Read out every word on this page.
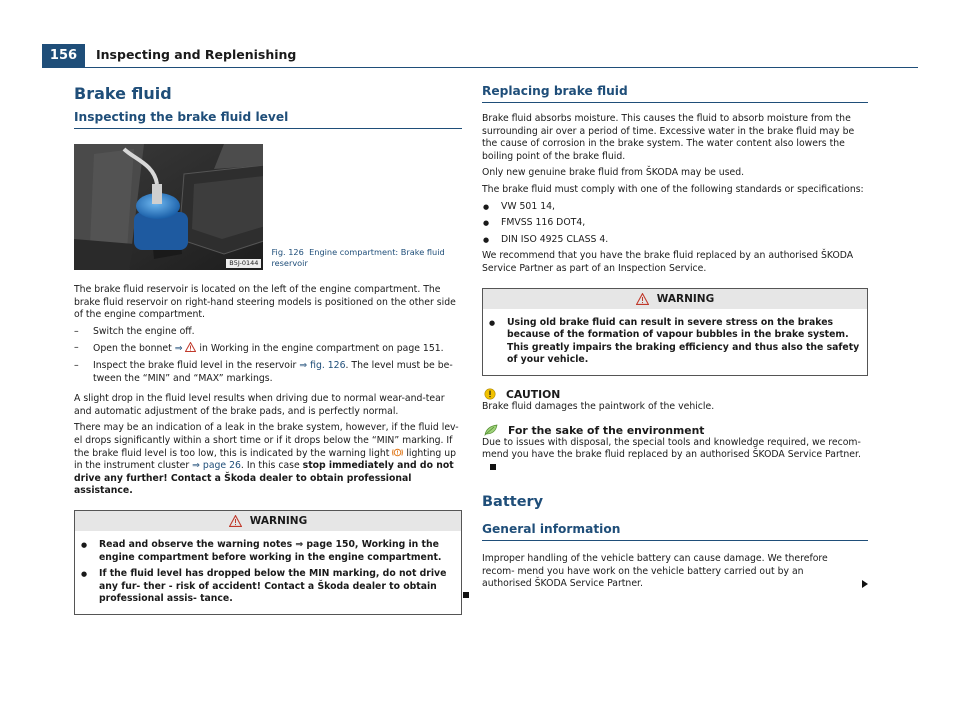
156	Inspecting and Replenishing
Brake fluid
Inspecting the brake fluid level
B5J-0144
Fig. 126 Engine compartment: Brake fluid reservoir

The brake fluid reservoir is located on the left of the engine compartment. The brake fluid reservoir on right-hand steering models is positioned on the other side of the engine compartment.

– Switch the engine off.
– Open the bonnet ⇒  in Working in the engine compartment on page 151.
– Inspect the brake fluid level in the reservoir ⇒ fig. 126. The level must be be- tween the “MIN” and “MAX” markings.

A slight drop in the fluid level results when driving due to normal wear-and-tear and automatic adjustment of the brake pads, and is perfectly normal.

There may be an indication of a leak in the brake system, however, if the fluid lev- el drops significantly within a short time or if it drops below the “MIN” marking. If the brake fluid level is too low, this is indicated by the warning light  lighting up in the instrument cluster ⇒ page 26. In this case stop immediately and do not drive any further! Contact a Škoda dealer to obtain professional assistance.

WARNING
● Read and observe the warning notes ⇒ page 150, Working in the engine compartment before working in the engine compartment.
● If the fluid level has dropped below the MIN marking, do not drive any fur- ther - risk of accident! Contact a Škoda dealer to obtain professional assis- tance.
Replacing brake fluid

Brake fluid absorbs moisture. This causes the fluid to absorb moisture from the surrounding air over a period of time. Excessive water in the brake fluid may be the cause of corrosion in the brake system. The water content also lowers the boiling point of the brake fluid.

Only new genuine brake fluid from ŠKODA may be used.

The brake fluid must comply with one of the following standards or specifications:

● VW 501 14,
● FMVSS 116 DOT4,
● DIN ISO 4925 CLASS 4.

We recommend that you have the brake fluid replaced by an authorised ŠKODA Service Partner as part of an Inspection Service.

WARNING
● Using old brake fluid can result in severe stress on the brakes because of the formation of vapour bubbles in the brake system. This greatly impairs the braking efficiency and thus also the safety of your vehicle.
CAUTION

Brake fluid damages the paintwork of the vehicle.

For the sake of the environment

Due to issues with disposal, the special tools and knowledge required, we recom- mend you have the brake fluid replaced by an authorised ŠKODA Service Partner.

Battery
General information

Improper handling of the vehicle battery can cause damage. We therefore recom- mend you have work on the vehicle battery carried out by an authorised ŠKODA Service Partner.
